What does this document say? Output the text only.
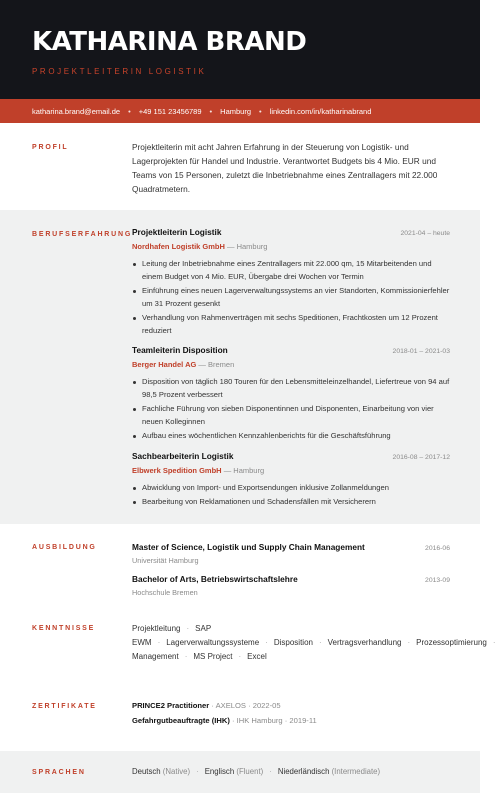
KATHARINA BRAND
PROJEKTLEITERIN LOGISTIK
katharina.brand@email.de • +49 151 23456789 • Hamburg • linkedin.com/in/katharinabrand
PROFIL	Projektleiterin mit acht Jahren Erfahrung in der Steuerung von Logistik- und Lagerprojekten für Handel und Industrie. Verantwortet Budgets bis 4 Mio. EUR und Teams von 15 Personen, zuletzt die Inbetriebnahme eines Zentrallagers mit 22.000 Quadratmetern.

BERUFSERFAHRUNG Projektleiterin Logistik	2021-04 – heute
Nordhafen Logistik GmbH — Hamburg
Leitung der Inbetriebnahme eines Zentrallagers mit 22.000 qm, 15 Mitarbeitenden und einem Budget von 4 Mio. EUR, Übergabe drei Wochen vor Termin
Einführung eines neuen Lagerverwaltungssystems an vier Standorten, Kommissionierfehler um 31 Prozent gesenkt
Verhandlung von Rahmenverträgen mit sechs Speditionen, Frachtkosten um 12 Prozent reduziert
Teamleiterin Disposition	2018-01 – 2021-03
Berger Handel AG — Bremen
Disposition von täglich 180 Touren für den Lebensmitteleinzelhandel, Liefertreue von 94 auf 98,5 Prozent verbessert
Fachliche Führung von sieben Disponentinnen und Disponenten, Einarbeitung von vier neuen Kolleginnen
Aufbau eines wöchentlichen Kennzahlenberichts für die Geschäftsführung
Sachbearbeiterin Logistik	2016-08 – 2017-12
Elbwerk Spedition GmbH — Hamburg
Abwicklung von Import- und Exportsendungen inklusive Zollanmeldungen
Bearbeitung von Reklamationen und Schadensfällen mit Versicherern
AUSBILDUNG	Master of Science, Logistik und Supply Chain Management	2016-06
Universität Hamburg
Bachelor of Arts, Betriebswirtschaftslehre	2013-09
Hochschule Bremen
KENNTNISSE	Projektleitung · SAP
EWM · Lagerverwaltungssysteme · Disposition · Vertragsverhandlung · Prozessoptimierung ·
Management · MS Project · Excel
ZERTIFIKATE	PRINCE2 Practitioner · AXELOS · 2022-05
Gefahrgutbeauftragte (IHK) · IHK Hamburg · 2019-11
SPRACHEN	Deutsch (Native) · Englisch (Fluent) · Niederländisch (Intermediate)
